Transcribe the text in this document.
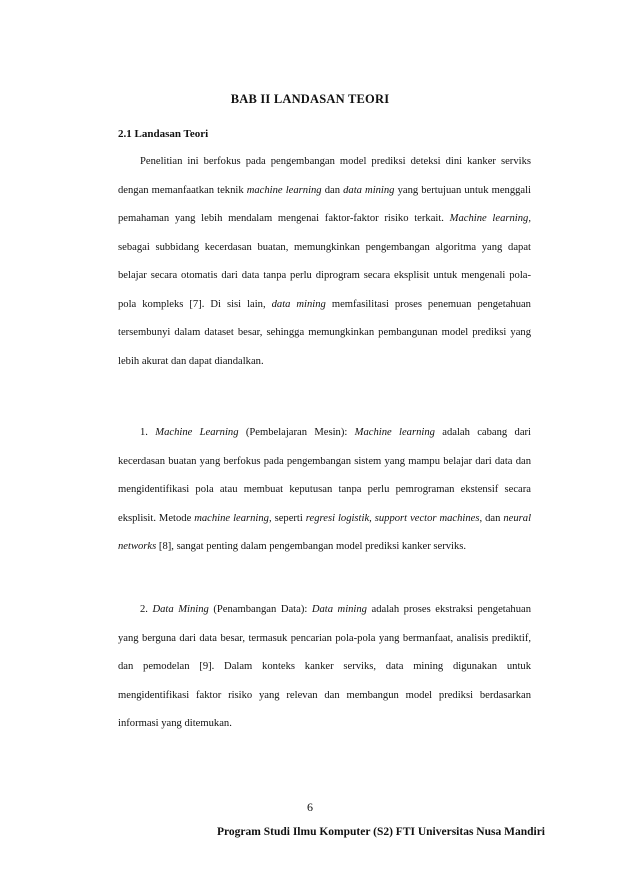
BAB II LANDASAN TEORI
2.1 Landasan Teori

Penelitian ini berfokus pada pengembangan model prediksi deteksi dini kanker serviks dengan memanfaatkan teknik machine learning dan data mining yang bertujuan untuk menggali pemahaman yang lebih mendalam mengenai faktor-faktor risiko terkait. Machine learning, sebagai subbidang kecerdasan buatan, memungkinkan pengembangan algoritma yang dapat belajar secara otomatis dari data tanpa perlu diprogram secara eksplisit untuk mengenali pola-pola kompleks [7]. Di sisi lain, data mining memfasilitasi proses penemuan pengetahuan tersembunyi dalam dataset besar, sehingga memungkinkan pembangunan model prediksi yang lebih akurat dan dapat diandalkan.

1. Machine Learning (Pembelajaran Mesin): Machine learning adalah cabang dari kecerdasan buatan yang berfokus pada pengembangan sistem yang mampu belajar dari data dan mengidentifikasi pola atau membuat keputusan tanpa perlu pemrograman ekstensif secara eksplisit. Metode machine learning, seperti regresi logistik, support vector machines, dan neural networks [8], sangat penting dalam pengembangan model prediksi kanker serviks.

2. Data Mining (Penambangan Data): Data mining adalah proses ekstraksi pengetahuan yang berguna dari data besar, termasuk pencarian pola-pola yang bermanfaat, analisis prediktif, dan pemodelan [9]. Dalam konteks kanker serviks, data mining digunakan untuk mengidentifikasi faktor risiko yang relevan dan membangun model prediksi berdasarkan informasi yang ditemukan.

6
Program Studi Ilmu Komputer (S2) FTI Universitas Nusa Mandiri
